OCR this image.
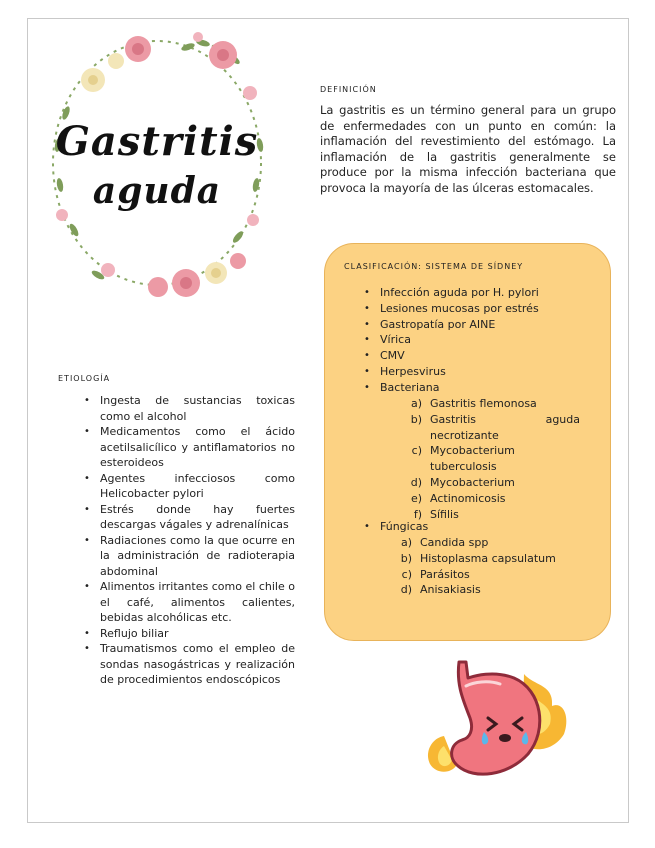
Gastritis
aguda
DEFINICIÓN
La gastritis es un término general para un grupo de enfermedades con un punto en común: la inflamación del revestimiento del estómago. La inflamación de la gastritis generalmente se produce por la misma infección bacteriana que provoca la mayoría de las úlceras estomacales.
CLASIFICACIÓN: SISTEMA DE SÍDNEY
• Infección aguda por H. pylori
• Lesiones mucosas por estrés
• Gastropatía por AINE
• Vírica
• CMV
• Herpesvirus
• Bacteriana
a) Gastritis flemonosa
b) Gastritis aguda necrotizante
c) Mycobacterium tuberculosis
d) Mycobacterium
e) Actinomicosis
f) Sífilis
• Fúngicas
a) Candida spp
b) Histoplasma capsulatum
c) Parásitos
d) Anisakiasis
ETIOLOGÍA
• Ingesta de sustancias toxicas como el alcohol
• Medicamentos como el ácido acetilsalicílico y antiflamatorios no esteroideos
• Agentes infecciosos como Helicobacter pylori
• Estrés donde hay fuertes descargas vágales y adrenalínicas
• Radiaciones como la que ocurre en la administración de radioterapia abdominal
• Alimentos irritantes como el chile o el café, alimentos calientes, bebidas alcohólicas etc.
• Reflujo biliar
• Traumatismos como el empleo de sondas nasogástricas y realización de procedimientos endoscópicos
